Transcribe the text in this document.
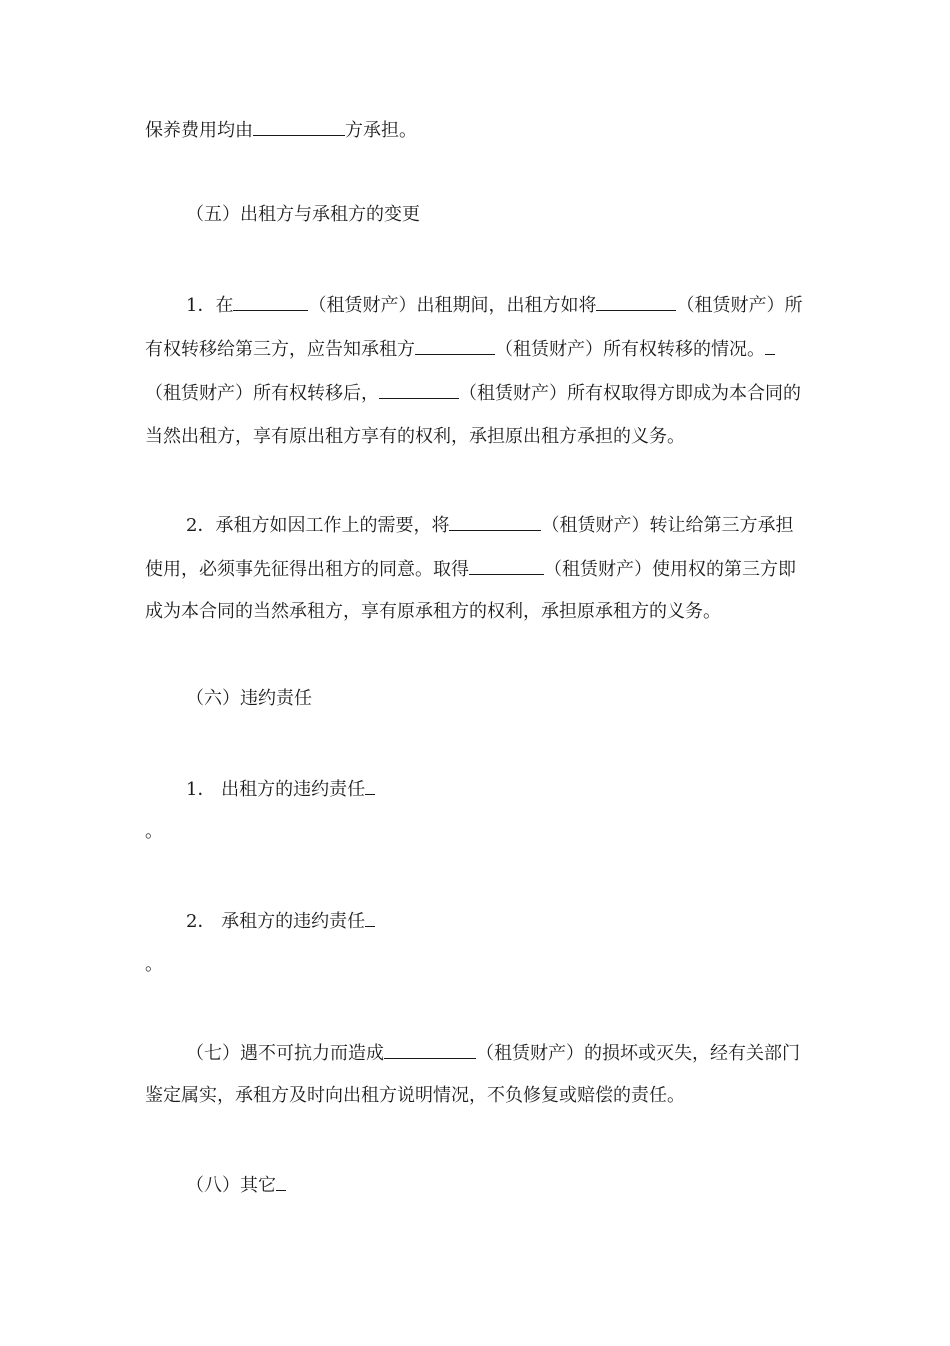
保养费用均由	方承担。
（五）出租方与承租方的变更
1．在	（租赁财产）出租期间，出租方如将	（租赁财产）所
有权转移给第三方，应告知承租方	（租赁财产）所有权转移的情况。
（租赁财产）所有权转移后，	（租赁财产）所有权取得方即成为本合同的
当然出租方，享有原出租方享有的权利，承担原出租方承担的义务。
2．承租方如因工作上的需要，将	（租赁财产）转让给第三方承担
使用，必须事先征得出租方的同意。取得	（租赁财产）使用权的第三方即
成为本合同的当然承租方，享有原承租方的权利，承担原承租方的义务。
（六）违约责任
1． 出租方的违约责任
。
2． 承租方的违约责任
。
（七）遇不可抗力而造成	（租赁财产）的损坏或灭失，经有关部门
鉴定属实，承租方及时向出租方说明情况，不负修复或赔偿的责任。
（八）其它
